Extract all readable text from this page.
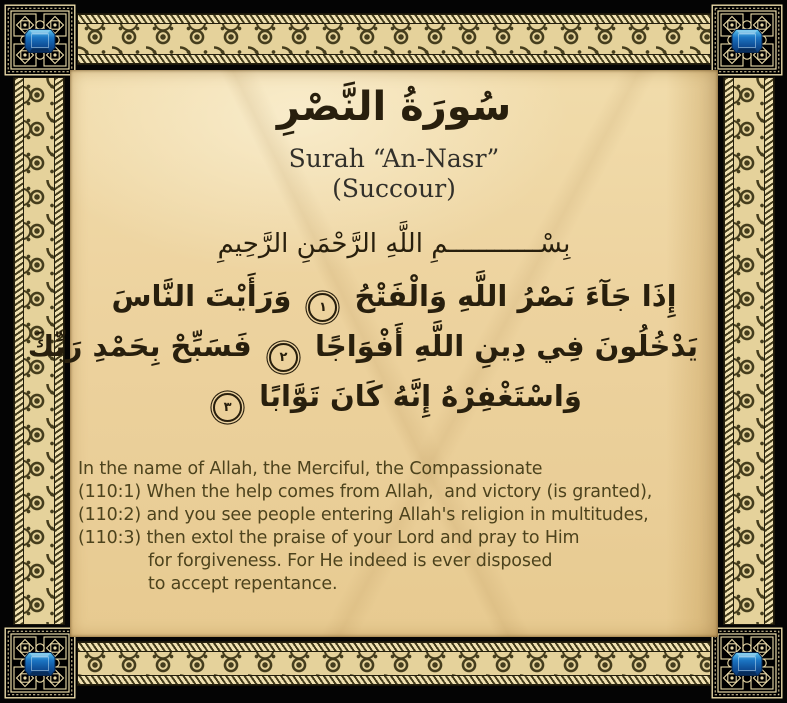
سُورَةُ النَّصْرِ
Surah “An-Nasr”
(Succour)
بِسْــــــــــــمِ اللَّهِ الرَّحْمَنِ الرَّحِيمِ
إِذَا جَآءَ نَصْرُ اللَّهِ وَالْفَتْحُ ١ وَرَأَيْتَ النَّاسَ
يَدْخُلُونَ فِي دِينِ اللَّهِ أَفْوَاجًا ٢ فَسَبِّحْ بِحَمْدِ رَبِّكَ
وَاسْتَغْفِرْهُ إِنَّهُ كَانَ تَوَّابًا ٣
In the name of Allah, the Merciful, the Compassionate
(110:1) When the help comes from Allah,  and victory (is granted),
(110:2) and you see people entering Allah's religion in multitudes,
(110:3) then extol the praise of your Lord and pray to Him
for forgiveness. For He indeed is ever disposed
to accept repentance.
